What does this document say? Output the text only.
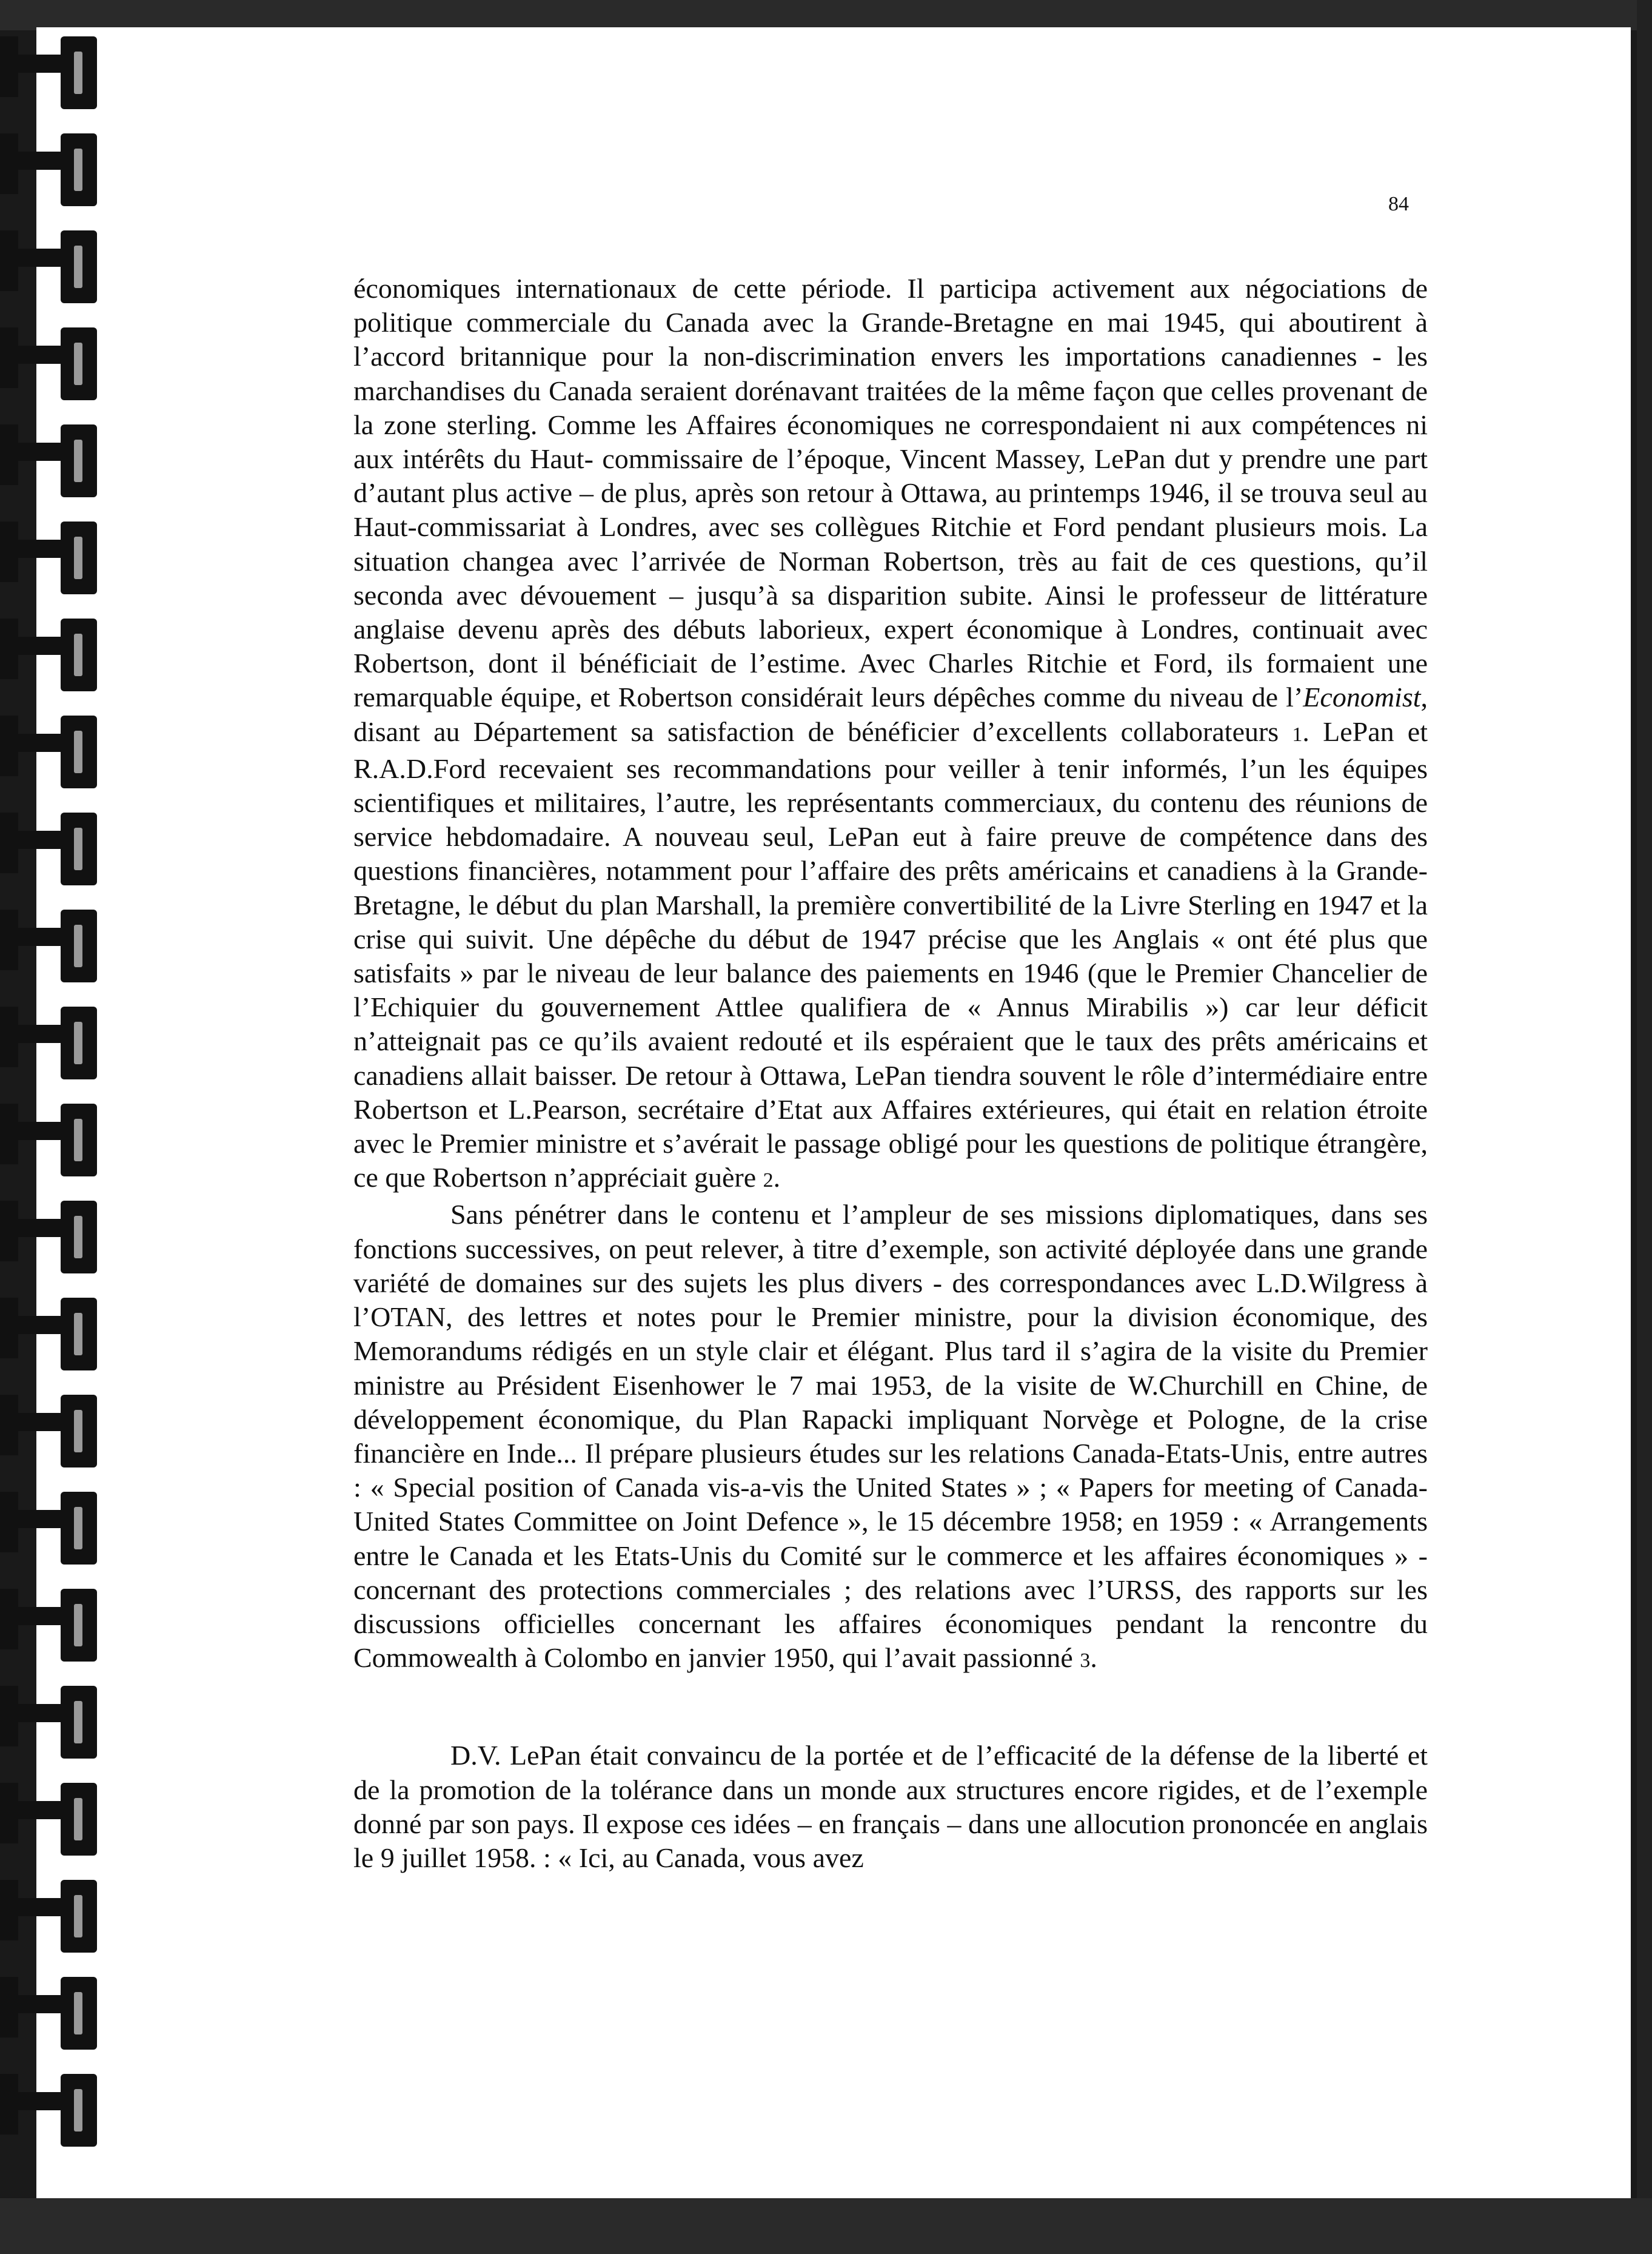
84

économiques internationaux de cette période. Il participa activement aux négociations de politique commerciale du Canada avec la Grande-Bretagne en mai 1945, qui aboutirent à l’accord britannique pour la non-discrimination envers les importations canadiennes - les marchandises du Canada seraient dorénavant traitées de la même façon que celles provenant de la zone sterling. Comme les Affaires économiques ne correspondaient ni aux compétences ni aux intérêts du Haut- commissaire de l’époque, Vincent Massey, LePan dut y prendre une part d’autant plus active – de plus, après son retour à Ottawa, au printemps 1946, il se trouva seul au Haut-commissariat à Londres, avec ses collègues Ritchie et Ford pendant plusieurs mois. La situation changea avec l’arrivée de Norman Robertson, très au fait de ces questions, qu’il seconda avec dévouement – jusqu’à sa disparition subite. Ainsi le professeur de littérature anglaise devenu après des débuts laborieux, expert économique à Londres, continuait avec Robertson, dont il bénéficiait de l’estime. Avec Charles Ritchie et Ford, ils formaient une remarquable équipe, et Robertson considérait leurs dépêches comme du niveau de l’Economist, disant au Département sa satisfaction de bénéficier d’excellents collaborateurs 1. LePan et R.A.D.Ford recevaient ses recommandations pour veiller à tenir informés, l’un les équipes scientifiques et militaires, l’autre, les représentants commerciaux, du contenu des réunions de service hebdomadaire. A nouveau seul, LePan eut à faire preuve de compétence dans des questions financières, notamment pour l’affaire des prêts américains et canadiens à la Grande-Bretagne, le début du plan Marshall, la première convertibilité de la Livre Sterling en 1947 et la crise qui suivit. Une dépêche du début de 1947 précise que les Anglais « ont été plus que satisfaits » par le niveau de leur balance des paiements en 1946 (que le Premier Chancelier de l’Echiquier du gouvernement Attlee qualifiera de « Annus Mirabilis ») car leur déficit n’atteignait pas ce qu’ils avaient redouté et ils espéraient que le taux des prêts américains et canadiens allait baisser. De retour à Ottawa, LePan tiendra souvent le rôle d’intermédiaire entre Robertson et L.Pearson, secrétaire d’Etat aux Affaires extérieures, qui était en relation étroite avec le Premier ministre et s’avérait le passage obligé pour les questions de politique étrangère, ce que Robertson n’appréciait guère 2.

Sans pénétrer dans le contenu et l’ampleur de ses missions diplomatiques, dans ses fonctions successives, on peut relever, à titre d’exemple, son activité déployée dans une grande variété de domaines sur des sujets les plus divers - des correspondances avec L.D.Wilgress à l’OTAN, des lettres et notes pour le Premier ministre, pour la division économique, des Memorandums rédigés en un style clair et élégant. Plus tard il s’agira de la visite du Premier ministre au Président Eisenhower le 7 mai 1953, de la visite de W.Churchill en Chine, de développement économique, du Plan Rapacki impliquant Norvège et Pologne, de la crise financière en Inde... Il prépare plusieurs études sur les relations Canada-Etats-Unis, entre autres : « Special position of Canada vis-a-vis the United States » ; « Papers for meeting of Canada-United States Committee on Joint Defence », le 15 décembre 1958; en 1959 : « Arrangements entre le Canada et les Etats-Unis du Comité sur le commerce et les affaires économiques » - concernant des protections commerciales ; des relations avec l’URSS, des rapports sur les discussions officielles concernant les affaires économiques pendant la rencontre du Commowealth à Colombo en janvier 1950, qui l’avait passionné 3.

D.V. LePan était convaincu de la portée et de l’efficacité de la défense de la liberté et de la promotion de la tolérance dans un monde aux structures encore rigides, et de l’exemple donné par son pays. Il expose ces idées – en français – dans une allocution prononcée en anglais le 9 juillet 1958. : « Ici, au Canada, vous avez
